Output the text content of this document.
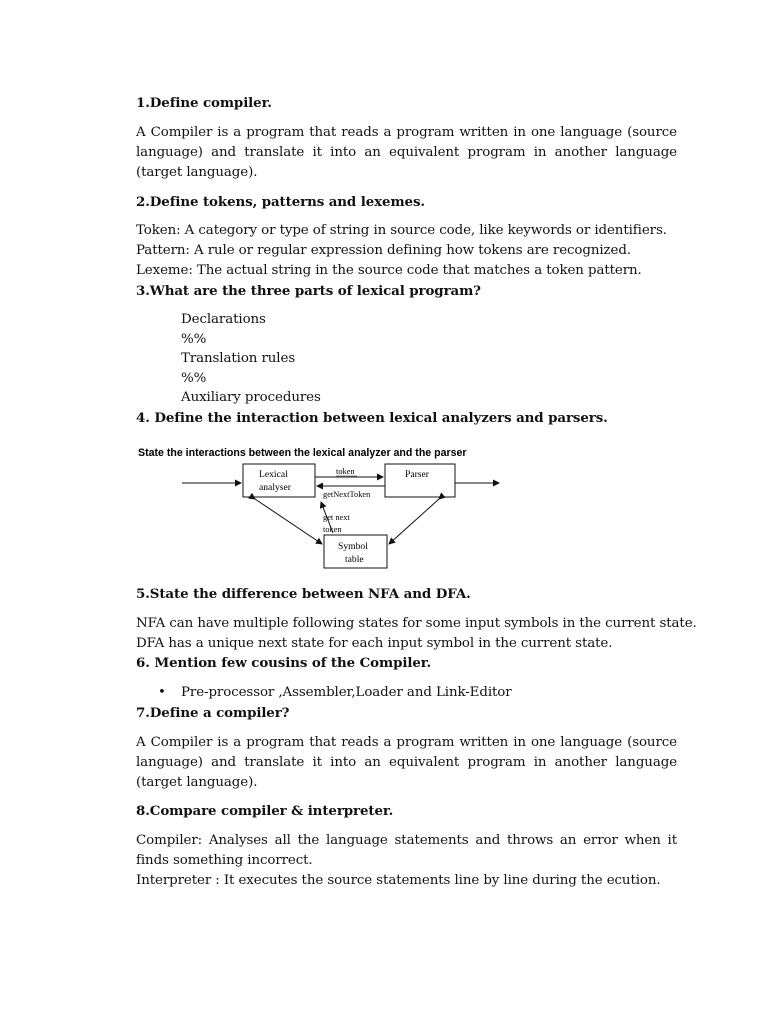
1.Define compiler.
A Compiler is a program that reads a program written in one language (source language) and translate it into an equivalent program in another language (target language).
2.Define tokens, patterns and lexemes.
Token: A category or type of string in source code, like keywords or identifiers.
Pattern: A rule or regular expression defining how tokens are recognized.
Lexeme: The actual string in the source code that matches a token pattern.
3.What are the three parts of lexical program?
Declarations
%%
Translation rules
%%
Auxiliary procedures
4. Define the interaction between lexical analyzers and parsers.
State the interactions between the lexical analyzer and the parser
Lexical
analyser
Parser
token
getNextToken
Symbol
table
get next
token
5.State the difference between NFA and DFA.
NFA can have multiple following states for some input symbols in the current state.
DFA has a unique next state for each input symbol in the current state.
6. Mention few cousins of the Compiler.
• Pre-processor ,Assembler,Loader and Link-Editor
7.Define a compiler?
A Compiler is a program that reads a program written in one language (source language) and translate it into an equivalent program in another language (target language).
8.Compare compiler & interpreter.
Compiler: Analyses all the language statements and throws an error when it finds something incorrect.
Interpreter : It executes the source statements line by line during the ecution.
